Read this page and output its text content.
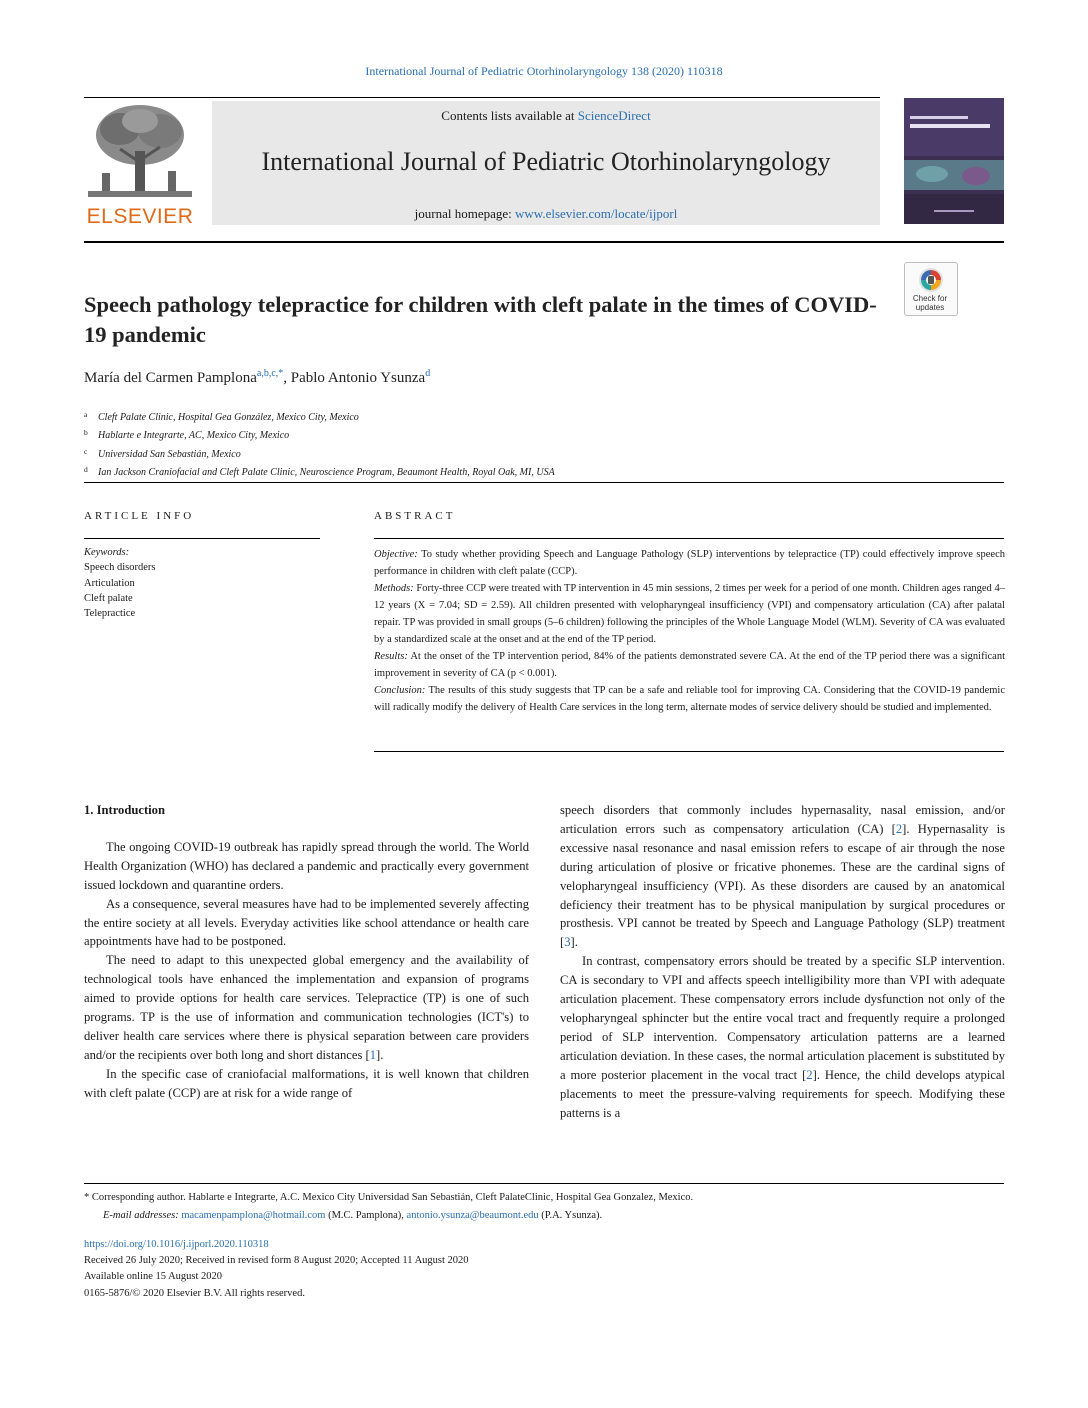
International Journal of Pediatric Otorhinolaryngology 138 (2020) 110318
ELSEVIER
Contents lists available at ScienceDirect
International Journal of Pediatric Otorhinolaryngology
journal homepage: www.elsevier.com/locate/ijporl
Check for
updates
Speech pathology telepractice for children with cleft palate in the times of COVID-19 pandemic
María del Carmen Pamplona$^{a,b,c,*}$, Pablo Antonio Ysunza$^d$
a Cleft Palate Clinic, Hospital Gea González, Mexico City, Mexico
b Hablarte e Integrarte, AC, Mexico City, Mexico
c Universidad San Sebastián, Mexico
d Ian Jackson Craniofacial and Cleft Palate Clinic, Neuroscience Program, Beaumont Health, Royal Oak, MI, USA
ARTICLE INFO
Keywords:
Speech disorders
Articulation
Cleft palate
Telepractice
ABSTRACT

Objective: To study whether providing Speech and Language Pathology (SLP) interventions by telepractice (TP) could effectively improve speech performance in children with cleft palate (CCP).

Methods: Forty-three CCP were treated with TP intervention in 45 min sessions, 2 times per week for a period of one month. Children ages ranged 4–12 years (X = 7.04; SD = 2.59). All children presented with velopharyngeal insufficiency (VPI) and compensatory articulation (CA) after palatal repair. TP was provided in small groups (5–6 children) following the principles of the Whole Language Model (WLM). Severity of CA was evaluated by a standardized scale at the onset and at the end of the TP period.

Results: At the onset of the TP intervention period, 84% of the patients demonstrated severe CA. At the end of the TP period there was a significant improvement in severity of CA (p < 0.001).

Conclusion: The results of this study suggests that TP can be a safe and reliable tool for improving CA. Considering that the COVID-19 pandemic will radically modify the delivery of Health Care services in the long term, alternate modes of service delivery should be studied and implemented.

1. Introduction

The ongoing COVID-19 outbreak has rapidly spread through the world. The World Health Organization (WHO) has declared a pandemic and practically every government issued lockdown and quarantine orders.

As a consequence, several measures have had to be implemented severely affecting the entire society at all levels. Everyday activities like school attendance or health care appointments have had to be postponed.

The need to adapt to this unexpected global emergency and the availability of technological tools have enhanced the implementation and expansion of programs aimed to provide options for health care services. Telepractice (TP) is one of such programs. TP is the use of information and communication technologies (ICT's) to deliver health care services where there is physical separation between care providers and/or the recipients over both long and short distances [1].

In the specific case of craniofacial malformations, it is well known that children with cleft palate (CCP) are at risk for a wide range of

speech disorders that commonly includes hypernasality, nasal emission, and/or articulation errors such as compensatory articulation (CA) [2]. Hypernasality is excessive nasal resonance and nasal emission refers to escape of air through the nose during articulation of plosive or fricative phonemes. These are the cardinal signs of velopharyngeal insufficiency (VPI). As these disorders are caused by an anatomical deficiency their treatment has to be physical manipulation by surgical procedures or prosthesis. VPI cannot be treated by Speech and Language Pathology (SLP) treatment [3].

In contrast, compensatory errors should be treated by a specific SLP intervention. CA is secondary to VPI and affects speech intelligibility more than VPI with adequate articulation placement. These compensatory errors include dysfunction not only of the velopharyngeal sphincter but the entire vocal tract and frequently require a prolonged period of SLP intervention. Compensatory articulation patterns are a learned articulation deviation. In these cases, the normal articulation placement is substituted by a more posterior placement in the vocal tract [2]. Hence, the child develops atypical placements to meet the pressure-valving requirements for speech. Modifying these patterns is a

* Corresponding author. Hablarte e Integrarte, A.C. Mexico City Universidad San Sebastián, Cleft PalateClinic, Hospital Gea Gonzalez, Mexico.
E-mail addresses: macamenpamplona@hotmail.com (M.C. Pamplona), antonio.ysunza@beaumont.edu (P.A. Ysunza).
https://doi.org/10.1016/j.ijporl.2020.110318
Received 26 July 2020; Received in revised form 8 August 2020; Accepted 11 August 2020
Available online 15 August 2020
0165-5876/© 2020 Elsevier B.V. All rights reserved.
